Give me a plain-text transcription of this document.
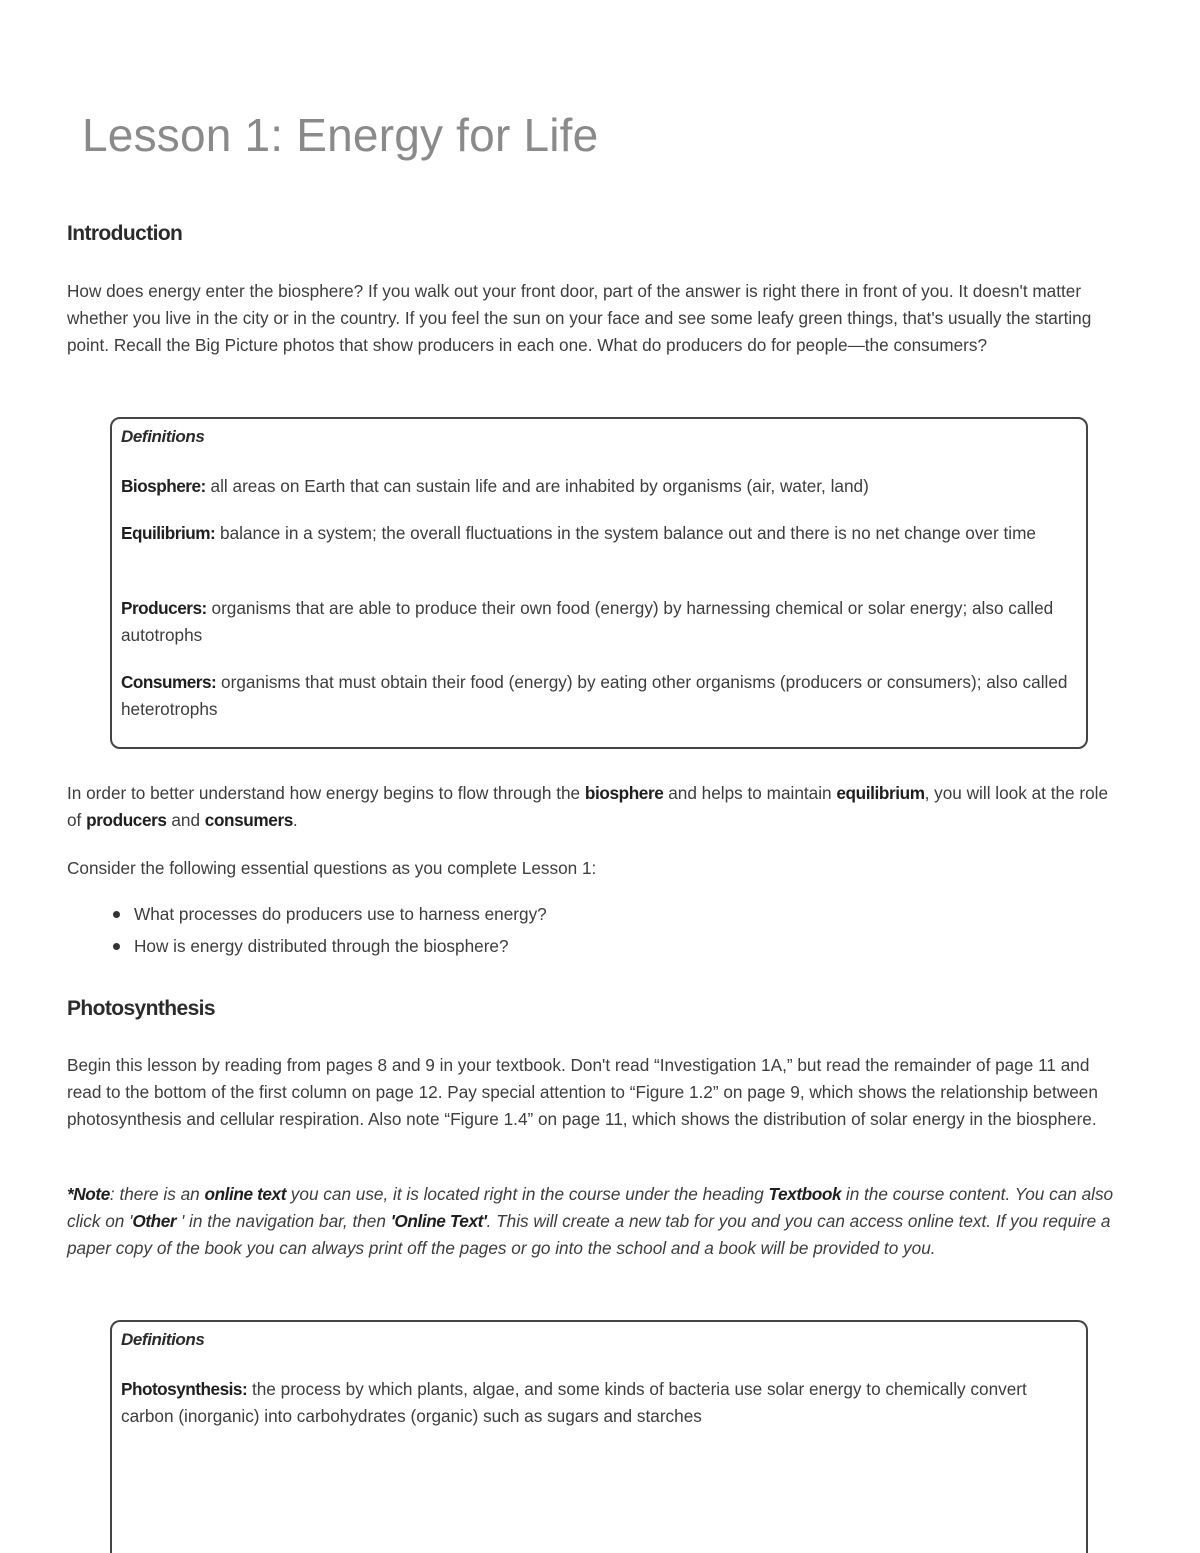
Lesson 1: Energy for Life
Introduction

How does energy enter the biosphere? If you walk out your front door, part of the answer is right there in front of you. It doesn't matter whether you live in the city or in the country. If you feel the sun on your face and see some leafy green things, that's usually the starting point. Recall the Big Picture photos that show producers in each one. What do producers do for people—the consumers?

Definitions

Biosphere: all areas on Earth that can sustain life and are inhabited by organisms (air, water, land)

Equilibrium: balance in a system; the overall fluctuations in the system balance out and there is no net change over time

Producers: organisms that are able to produce their own food (energy) by harnessing chemical or solar energy; also called autotrophs

Consumers: organisms that must obtain their food (energy) by eating other organisms (producers or consumers); also called heterotrophs

In order to better understand how energy begins to flow through the biosphere and helps to maintain equilibrium, you will look at the role of producers and consumers.

Consider the following essential questions as you complete Lesson 1:

What processes do producers use to harness energy?
How is energy distributed through the biosphere?
Photosynthesis

Begin this lesson by reading from pages 8 and 9 in your textbook. Don't read “Investigation 1A,” but read the remainder of page 11 and read to the bottom of the first column on page 12. Pay special attention to “Figure 1.2” on page 9, which shows the relationship between photosynthesis and cellular respiration. Also note “Figure 1.4” on page 11, which shows the distribution of solar energy in the biosphere.

*Note: there is an online text you can use, it is located right in the course under the heading Textbook in the course content. You can also click on 'Other ' in the navigation bar, then 'Online Text'. This will create a new tab for you and you can access online text. If you require a paper copy of the book you can always print off the pages or go into the school and a book will be provided to you.

Definitions

Photosynthesis: the process by which plants, algae, and some kinds of bacteria use solar energy to chemically convert carbon (inorganic) into carbohydrates (organic) such as sugars and starches
